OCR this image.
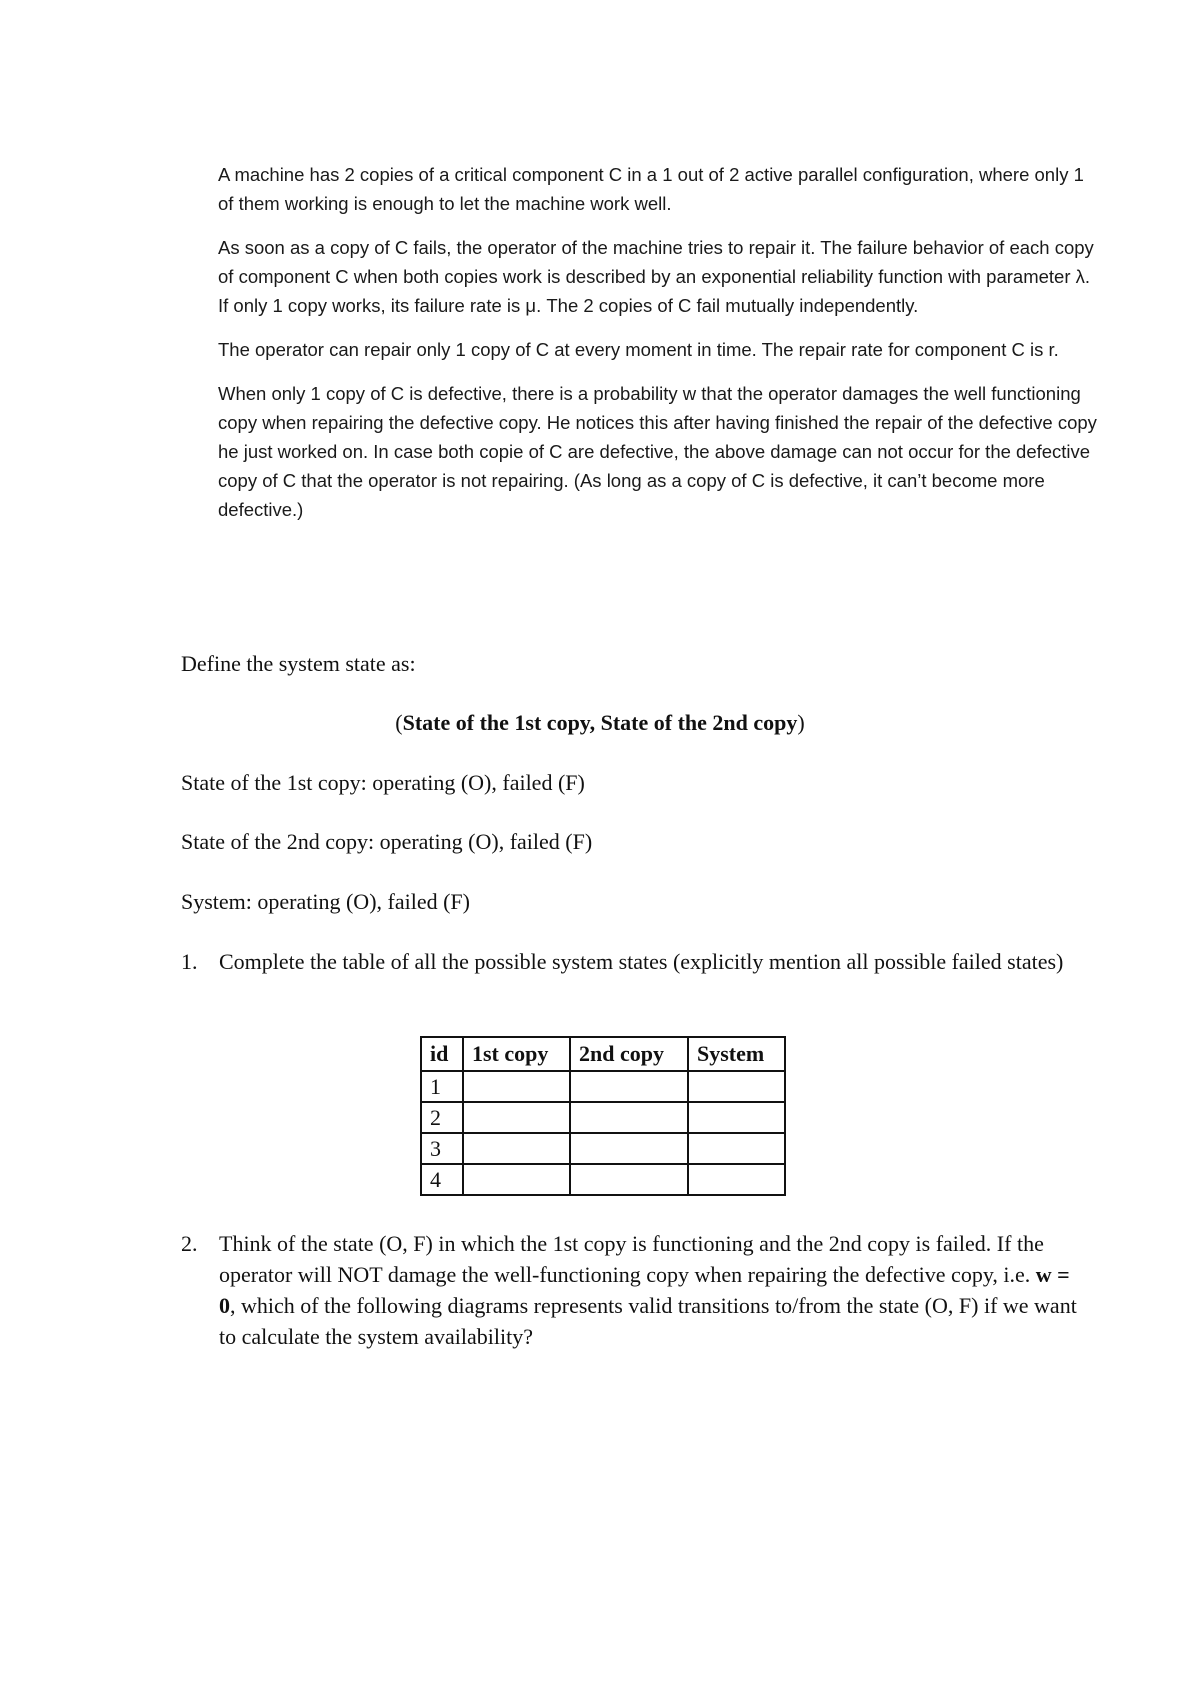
A machine has 2 copies of a critical component C in a 1 out of 2 active parallel configuration, where only 1 of them working is enough to let the machine work well.

As soon as a copy of C fails, the operator of the machine tries to repair it. The failure behavior of each copy of component C when both copies work is described by an exponential reliability function with parameter λ. If only 1 copy works, its failure rate is μ. The 2 copies of C fail mutually independently.

The operator can repair only 1 copy of C at every moment in time. The repair rate for component C is r.

When only 1 copy of C is defective, there is a probability w that the operator damages the well functioning copy when repairing the defective copy. He notices this after having finished the repair of the defective copy he just worked on. In case both copie of C are defective, the above damage can not occur for the defective copy of C that the operator is not repairing. (As long as a copy of C is defective, it can’t become more defective.)

Define the system state as:

(State of the 1st copy, State of the 2nd copy)

State of the 1st copy: operating (O), failed (F)

State of the 2nd copy: operating (O), failed (F)

System: operating (O), failed (F)

1. Complete the table of all the possible system states (explicitly mention all possible failed states)
id	1st copy	2nd copy	System
1			
2			
3			
4			
2. Think of the state (O, F) in which the 1st copy is functioning and the 2nd copy is failed. If the operator will NOT damage the well-functioning copy when repairing the defective copy, i.e. w = 0, which of the following diagrams represents valid transitions to/from the state (O, F) if we want to calculate the system availability?
